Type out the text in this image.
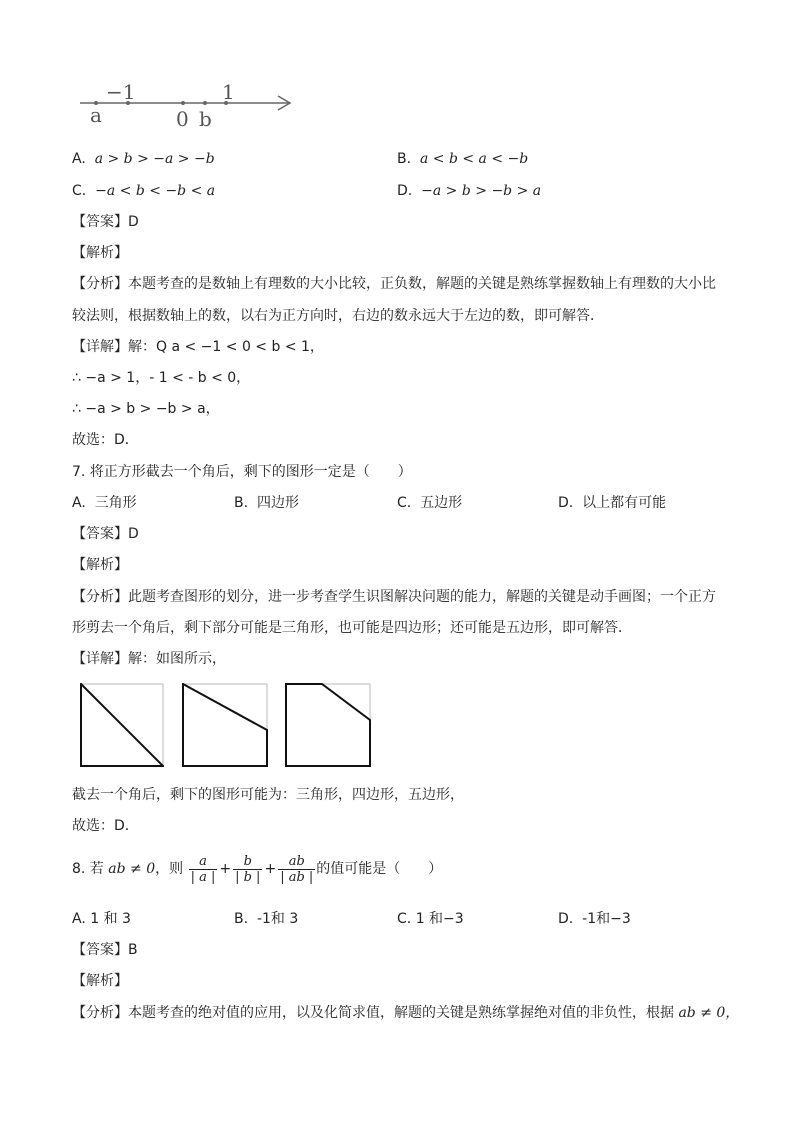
−1	1
a	0 b
A. a > b > −a > −b	B. a < b < a < −b
C. −a < b < −b < a	D. −a > b > −b > a
【答案】D
【解析】
【分析】本题考查的是数轴上有理数的大小比较，正负数，解题的关键是熟练掌握数轴上有理数的大小比
较法则，根据数轴上的数，以右为正方向时，右边的数永远大于左边的数，即可解答．
【详解】解：Q a < −1 < 0 < b < 1，
∴ −a > 1，- 1 < - b < 0，
∴ −a > b > −b > a，
故选：D．
7. 将正方形截去一个角后，剩下的图形一定是（　　）
A. 三角形	B. 四边形	C. 五边形	D. 以上都有可能
【答案】D
【解析】
【分析】此题考查图形的划分，进一步考查学生识图解决问题的能力，解题的关键是动手画图；一个正方
形剪去一个角后，剩下部分可能是三角形，也可能是四边形；还可能是五边形，即可解答．
【详解】解：如图所示，
截去一个角后，剩下的图形可能为：三角形，四边形，五边形，
故选：D．
8. 若 ab ≠ 0，则 $\frac{a}{| a |} + \frac{b}{| b |} + \frac{ab}{| ab |}$ 的值可能是（　　）
A. 1 和 3	B. -1和 3	C. 1 和−3	D. -1和−3
【答案】B
【解析】
【分析】本题考查的绝对值的应用，以及化简求值，解题的关键是熟练掌握绝对值的非负性，根据 ab ≠ 0，
